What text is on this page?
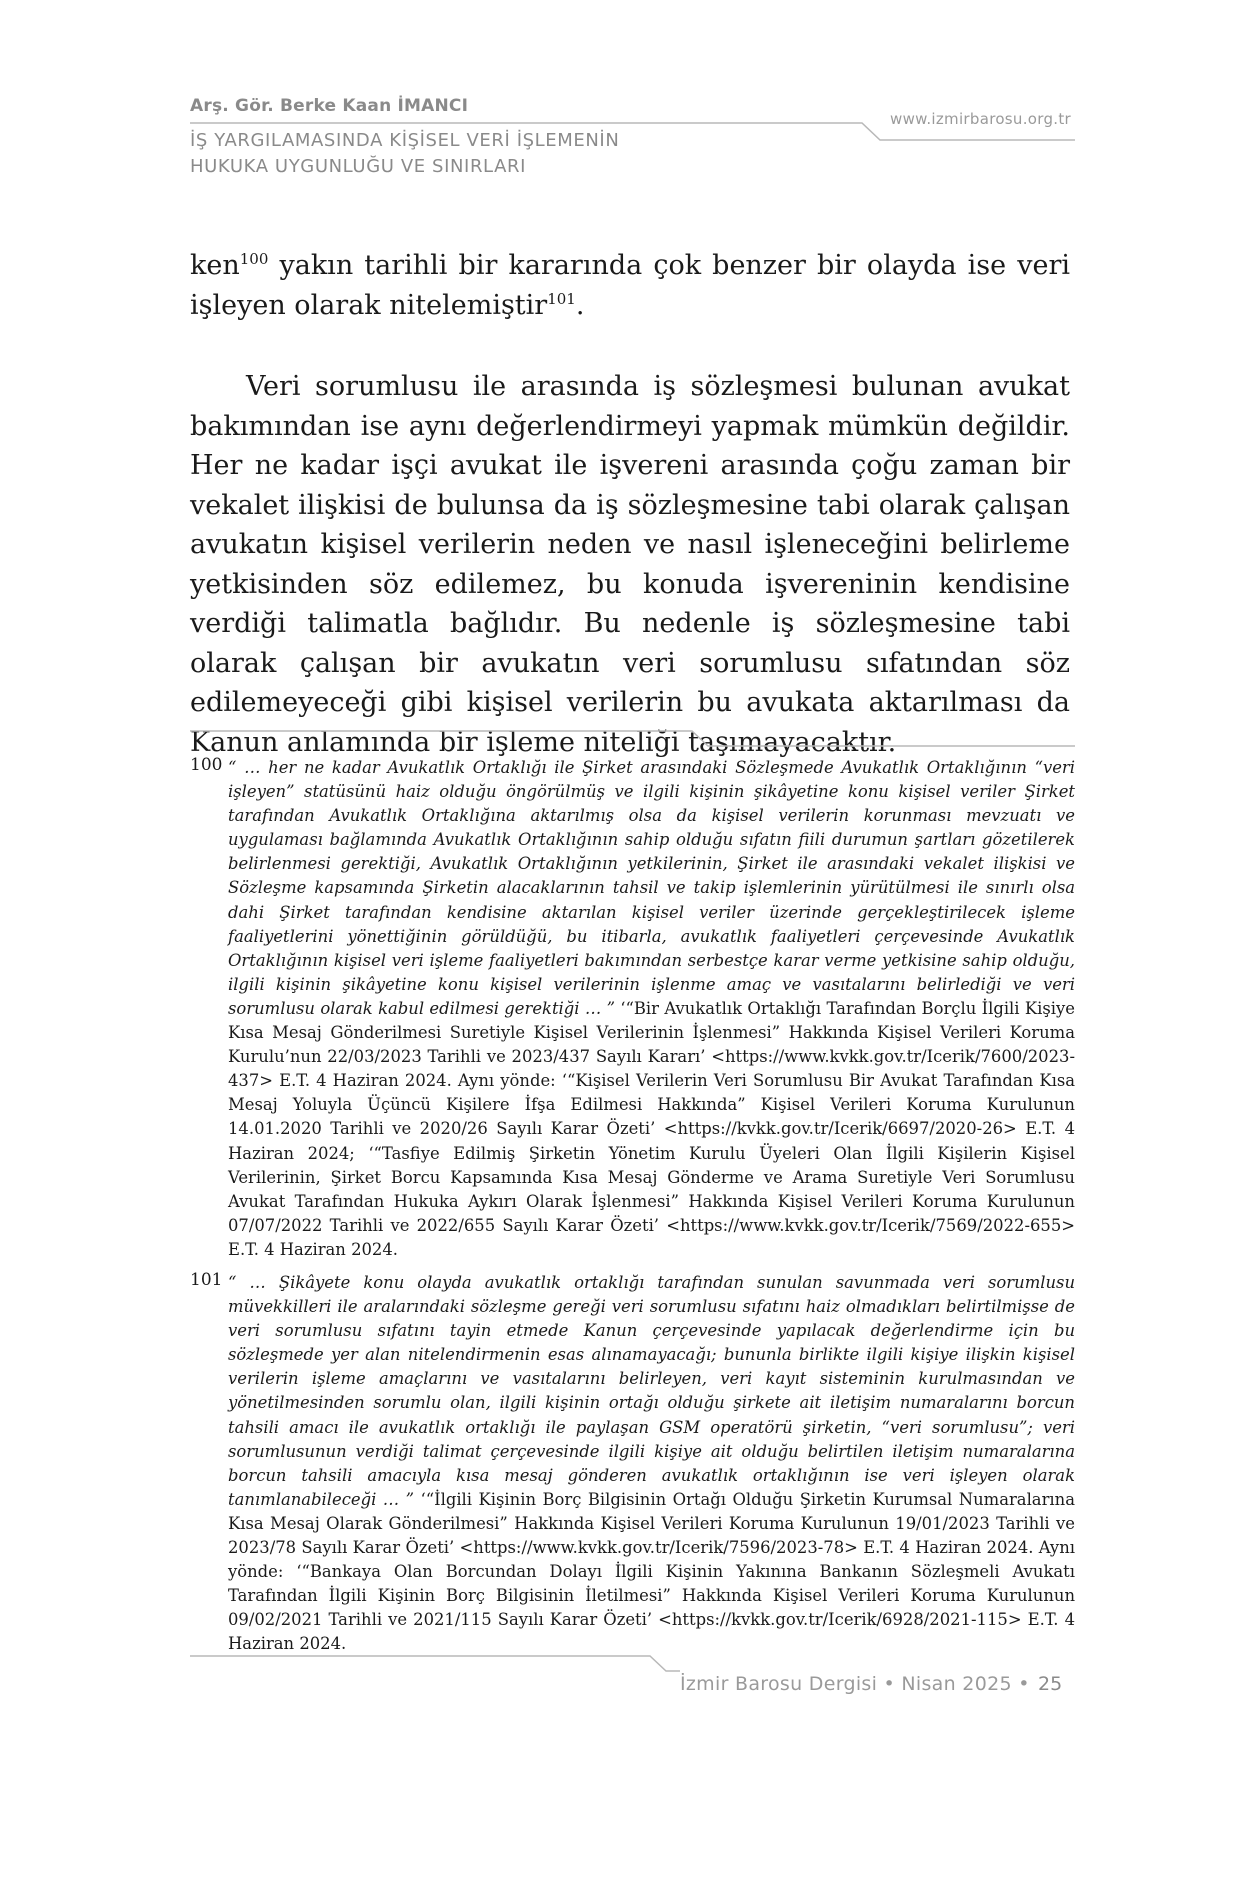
Arş. Gör. Berke Kaan İMANCI
İŞ YARGILAMASINDA KİŞİSEL VERİ İŞLEMENİN
HUKUKA UYGUNLUĞU VE SINIRLARI
www.izmirbarosu.org.tr

ken$^{100}$ yakın tarihli bir kararında çok benzer bir olayda ise veri işleyen olarak nitelemiştir$^{101}$.

Veri sorumlusu ile arasında iş sözleşmesi bulunan avukat bakımından ise aynı değerlendirmeyi yapmak mümkün değildir. Her ne kadar işçi avukat ile işvereni arasında çoğu zaman bir vekalet ilişkisi de bulunsa da iş sözleşmesine tabi olarak çalışan avukatın kişisel verilerin neden ve nasıl işleneceğini belirleme yetkisinden söz edilemez, bu konuda işvereninin kendisine verdiği talimatla bağlıdır. Bu nedenle iş sözleşmesine tabi olarak çalışan bir avukatın veri sorumlusu sıfatından söz edilemeyeceği gibi kişisel verilerin bu avukata aktarılması da Kanun anlamında bir işleme niteliği taşımayacaktır.

100 “ … her ne kadar Avukatlık Ortaklığı ile Şirket arasındaki Sözleşmede Avukatlık Ortaklığının “veri işleyen” statüsünü haiz olduğu öngörülmüş ve ilgili kişinin şikâyetine konu kişisel veriler Şirket tarafından Avukatlık Ortaklığına aktarılmış olsa da kişisel verilerin korunması mevzuatı ve uygulaması bağlamında Avukatlık Ortaklığının sahip olduğu sıfatın fiili durumun şartları gözetilerek belirlenmesi gerektiği, Avukatlık Ortaklığının yetkilerinin, Şirket ile arasındaki vekalet ilişkisi ve Sözleşme kapsamında Şirketin alacaklarının tahsil ve takip işlemlerinin yürütülmesi ile sınırlı olsa dahi Şirket tarafından kendisine aktarılan kişisel veriler üzerinde gerçekleştirilecek işleme faaliyetlerini yönettiğinin görüldüğü, bu itibarla, avukatlık faaliyetleri çerçevesinde Avukatlık Ortaklığının kişisel veri işleme faaliyetleri bakımından serbestçe karar verme yetkisine sahip olduğu, ilgili kişinin şikâyetine konu kişisel verilerinin işlenme amaç ve vasıtalarını belirlediği ve veri sorumlusu olarak kabul edilmesi gerektiği … ” ‘“Bir Avukatlık Ortaklığı Tarafından Borçlu İlgili Kişiye Kısa Mesaj Gönderilmesi Suretiyle Kişisel Verilerinin İşlenmesi” Hakkında Kişisel Verileri Koruma Kurulu’nun 22/03/2023 Tarihli ve 2023/437 Sayılı Kararı’ <https://www.kvkk.gov.tr/Icerik/7600/2023-437> E.T. 4 Haziran 2024. Aynı yönde: ‘“Kişisel Verilerin Veri Sorumlusu Bir Avukat Tarafından Kısa Mesaj Yoluyla Üçüncü Kişilere İfşa Edilmesi Hakkında” Kişisel Verileri Koruma Kurulunun 14.01.2020 Tarihli ve 2020/26 Sayılı Karar Özeti’ <https://kvkk.gov.tr/Icerik/6697/2020-26> E.T. 4 Haziran 2024; ‘“Tasfiye Edilmiş Şirketin Yönetim Kurulu Üyeleri Olan İlgili Kişilerin Kişisel Verilerinin, Şirket Borcu Kapsamında Kısa Mesaj Gönderme ve Arama Suretiyle Veri Sorumlusu Avukat Tarafından Hukuka Aykırı Olarak İşlenmesi” Hakkında Kişisel Verileri Koruma Kurulunun 07/07/2022 Tarihli ve 2022/655 Sayılı Karar Özeti’ <https://www.kvkk.gov.tr/Icerik/7569/2022-655> E.T. 4 Haziran 2024.
101 “ … Şikâyete konu olayda avukatlık ortaklığı tarafından sunulan savunmada veri sorumlusu müvekkilleri ile aralarındaki sözleşme gereği veri sorumlusu sıfatını haiz olmadıkları belirtilmişse de veri sorumlusu sıfatını tayin etmede Kanun çerçevesinde yapılacak değerlendirme için bu sözleşmede yer alan nitelendirmenin esas alınamayacağı; bununla birlikte ilgili kişiye ilişkin kişisel verilerin işleme amaçlarını ve vasıtalarını belirleyen, veri kayıt sisteminin kurulmasından ve yönetilmesinden sorumlu olan, ilgili kişinin ortağı olduğu şirkete ait iletişim numaralarını borcun tahsili amacı ile avukatlık ortaklığı ile paylaşan GSM operatörü şirketin, “veri sorumlusu”; veri sorumlusunun verdiği talimat çerçevesinde ilgili kişiye ait olduğu belirtilen iletişim numaralarına borcun tahsili amacıyla kısa mesaj gönderen avukatlık ortaklığının ise veri işleyen olarak tanımlanabileceği … ” ‘“İlgili Kişinin Borç Bilgisinin Ortağı Olduğu Şirketin Kurumsal Numaralarına Kısa Mesaj Olarak Gönderilmesi” Hakkında Kişisel Verileri Koruma Kurulunun 19/01/2023 Tarihli ve 2023/78 Sayılı Karar Özeti’ <https://www.kvkk.gov.tr/Icerik/7596/2023-78> E.T. 4 Haziran 2024. Aynı yönde: ‘“Bankaya Olan Borcundan Dolayı İlgili Kişinin Yakınına Bankanın Sözleşmeli Avukatı Tarafından İlgili Kişinin Borç Bilgisinin İletilmesi” Hakkında Kişisel Verileri Koruma Kurulunun 09/02/2021 Tarihli ve 2021/115 Sayılı Karar Özeti’ <https://kvkk.gov.tr/Icerik/6928/2021-115> E.T. 4 Haziran 2024.
İzmir Barosu Dergisi • Nisan 2025 • 25
